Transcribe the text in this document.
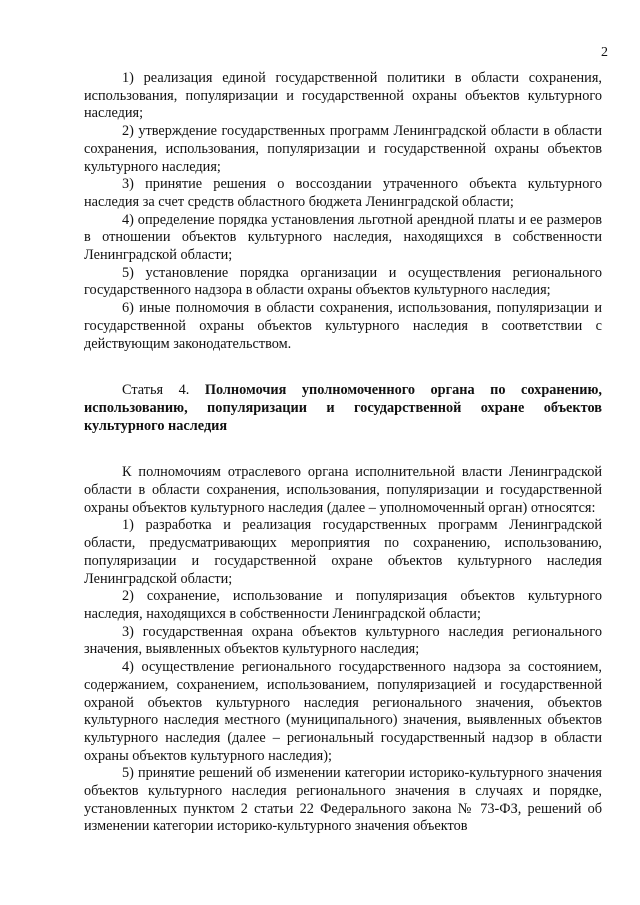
2

1) реализация единой государственной политики в области сохранения, использования, популяризации и государственной охраны объектов культурного наследия;

2) утверждение государственных программ Ленинградской области в области сохранения, использования, популяризации и государственной охраны объектов культурного наследия;

3) принятие решения о воссоздании утраченного объекта культурного наследия за счет средств областного бюджета Ленинградской области;

4) определение порядка установления льготной арендной платы и ее размеров в отношении объектов культурного наследия, находящихся в собственности Ленинградской области;

5) установление порядка организации и осуществления регионального государственного надзора в области охраны объектов культурного наследия;

6) иные полномочия в области сохранения, использования, популяризации и государственной охраны объектов культурного наследия в соответствии с действующим законодательством.

Статья 4. Полномочия уполномоченного органа по сохранению, использованию, популяризации и государственной охране объектов культурного наследия

К полномочиям отраслевого органа исполнительной власти Ленинградской области в области сохранения, использования, популяризации и государственной охраны объектов культурного наследия (далее – уполномоченный орган) относятся:

1) разработка и реализация государственных программ Ленинградской области, предусматривающих мероприятия по сохранению, использованию, популяризации и государственной охране объектов культурного наследия Ленинградской области;

2) сохранение, использование и популяризация объектов культурного наследия, находящихся в собственности Ленинградской области;

3) государственная охрана объектов культурного наследия регионального значения, выявленных объектов культурного наследия;

4) осуществление регионального государственного надзора за состоянием, содержанием, сохранением, использованием, популяризацией и государственной охраной объектов культурного наследия регионального значения, объектов культурного наследия местного (муниципального) значения, выявленных объектов культурного наследия (далее – региональный государственный надзор в области охраны объектов культурного наследия);

5) принятие решений об изменении категории историко-культурного значения объектов культурного наследия регионального значения в случаях и порядке, установленных пунктом 2 статьи 22 Федерального закона № 73-ФЗ, решений об изменении категории историко-культурного значения объектов
